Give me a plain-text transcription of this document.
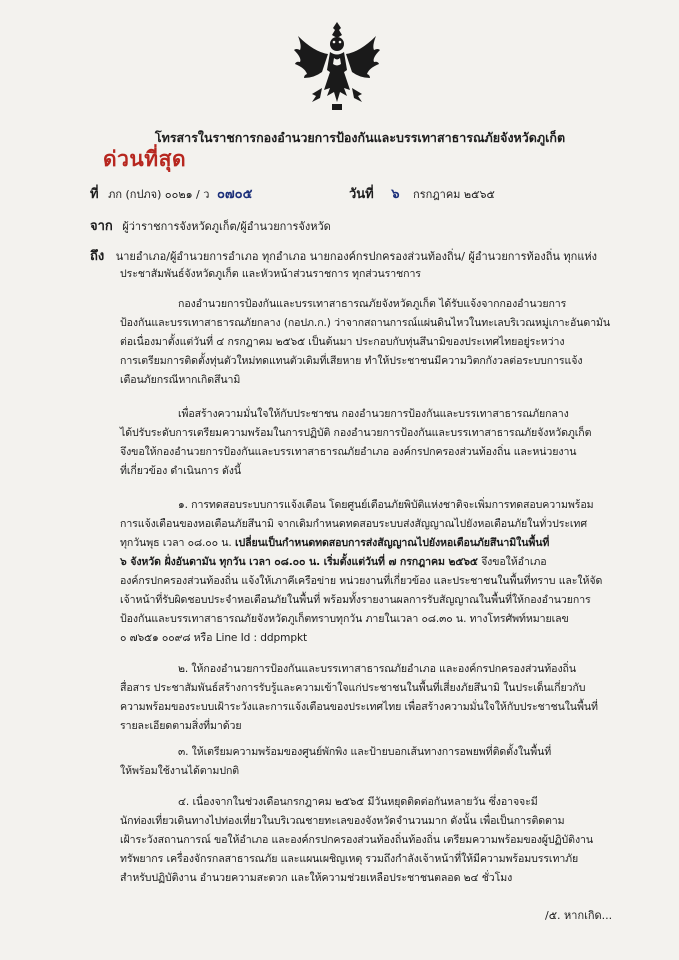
โทรสารในราชการกองอำนวยการป้องกันและบรรเทาสาธารณภัยจังหวัดภูเก็ต
ด่วนที่สุด
ที่ ภก (กปภจ) ๐๐๒๑ / ว ๐๗๐๕	วันที่ ๖ กรกฎาคม ๒๕๖๕
จาก ผู้ว่าราชการจังหวัดภูเก็ต/ผู้อำนวยการจังหวัด
ถึง นายอำเภอ/ผู้อำนวยการอำเภอ ทุกอำเภอ นายกองค์กรปกครองส่วนท้องถิ่น/ ผู้อำนวยการท้องถิ่น ทุกแห่ง
ประชาสัมพันธ์จังหวัดภูเก็ต และหัวหน้าส่วนราชการ ทุกส่วนราชการ
กองอำนวยการป้องกันและบรรเทาสาธารณภัยจังหวัดภูเก็ต ได้รับแจ้งจากกองอำนวยการ
ป้องกันและบรรเทาสาธารณภัยกลาง (กอปภ.ก.) ว่าจากสถานการณ์แผ่นดินไหวในทะเลบริเวณหมู่เกาะอันดามัน
ต่อเนื่องมาตั้งแต่วันที่ ๔ กรกฎาคม ๒๕๖๕ เป็นต้นมา ประกอบกับทุ่นสึนามิของประเทศไทยอยู่ระหว่าง
การเตรียมการติดตั้งทุ่นตัวใหม่ทดแทนตัวเดิมที่เสียหาย ทำให้ประชาชนมีความวิตกกังวลต่อระบบการแจ้ง
เตือนภัยกรณีหากเกิดสึนามิ
เพื่อสร้างความมั่นใจให้กับประชาชน กองอำนวยการป้องกันและบรรเทาสาธารณภัยกลาง
ได้ปรับระดับการเตรียมความพร้อมในการปฏิบัติ กองอำนวยการป้องกันและบรรเทาสาธารณภัยจังหวัดภูเก็ต
จึงขอให้กองอำนวยการป้องกันและบรรเทาสาธารณภัยอำเภอ องค์กรปกครองส่วนท้องถิ่น และหน่วยงาน
ที่เกี่ยวข้อง ดำเนินการ ดังนี้
๑. การทดสอบระบบการแจ้งเตือน โดยศูนย์เตือนภัยพิบัติแห่งชาติจะเพิ่มการทดสอบความพร้อม
การแจ้งเตือนของหอเตือนภัยสึนามิ จากเดิมกำหนดทดสอบระบบส่งสัญญาณไปยังหอเตือนภัยในทั่วประเทศ
ทุกวันพุธ เวลา ๐๘.๐๐ น. เปลี่ยนเป็นกำหนดทดสอบการส่งสัญญาณไปยังหอเตือนภัยสึนามิในพื้นที่
๖ จังหวัด ฝั่งอันดามัน ทุกวัน เวลา ๐๘.๐๐ น. เริ่มตั้งแต่วันที่ ๗ กรกฎาคม ๒๕๖๕ จึงขอให้อำเภอ
องค์กรปกครองส่วนท้องถิ่น แจ้งให้เภาคีเครือข่าย หน่วยงานที่เกี่ยวข้อง และประชาชนในพื้นที่ทราบ และให้จัด
เจ้าหน้าที่รับผิดชอบประจำหอเตือนภัยในพื้นที่ พร้อมทั้งรายงานผลการรับสัญญาณในพื้นที่ให้กองอำนวยการ
ป้องกันและบรรเทาสาธารณภัยจังหวัดภูเก็ตทราบทุกวัน ภายในเวลา ๐๘.๓๐ น. ทางโทรศัพท์หมายเลข
๐ ๗๖๕๑ ๐๐๙๘ หรือ Line Id : ddpmpkt
๒. ให้กองอำนวยการป้องกันและบรรเทาสาธารณภัยอำเภอ และองค์กรปกครองส่วนท้องถิ่น
สื่อสาร ประชาสัมพันธ์สร้างการรับรู้และความเข้าใจแก่ประชาชนในพื้นที่เสี่ยงภัยสึนามิ ในประเด็นเกี่ยวกับ
ความพร้อมของระบบเฝ้าระวังและการแจ้งเตือนของประเทศไทย เพื่อสร้างความมั่นใจให้กับประชาชนในพื้นที่
รายละเอียดตามสิ่งที่มาด้วย
๓. ให้เตรียมความพร้อมของศูนย์พักพิง และป้ายบอกเส้นทางการอพยพที่ติดตั้งในพื้นที่
ให้พร้อมใช้งานได้ตามปกติ
๔. เนื่องจากในช่วงเดือนกรกฎาคม ๒๕๖๕ มีวันหยุดติดต่อกันหลายวัน ซึ่งอาจจะมี
นักท่องเที่ยวเดินทางไปท่องเที่ยวในบริเวณชายทะเลของจังหวัดจำนวนมาก ดังนั้น เพื่อเป็นการติดตาม
เฝ้าระวังสถานการณ์ ขอให้อำเภอ และองค์กรปกครองส่วนท้องถิ่นท้องถิ่น เตรียมความพร้อมของผู้ปฏิบัติงาน
ทรัพยากร เครื่องจักรกลสาธารณภัย และแผนเผชิญเหตุ รวมถึงกำลังเจ้าหน้าที่ให้มีความพร้อมบรรเทาภัย
สำหรับปฏิบัติงาน อำนวยความสะดวก และให้ความช่วยเหลือประชาชนตลอด ๒๔ ชั่วโมง
/๕. หากเกิด...
